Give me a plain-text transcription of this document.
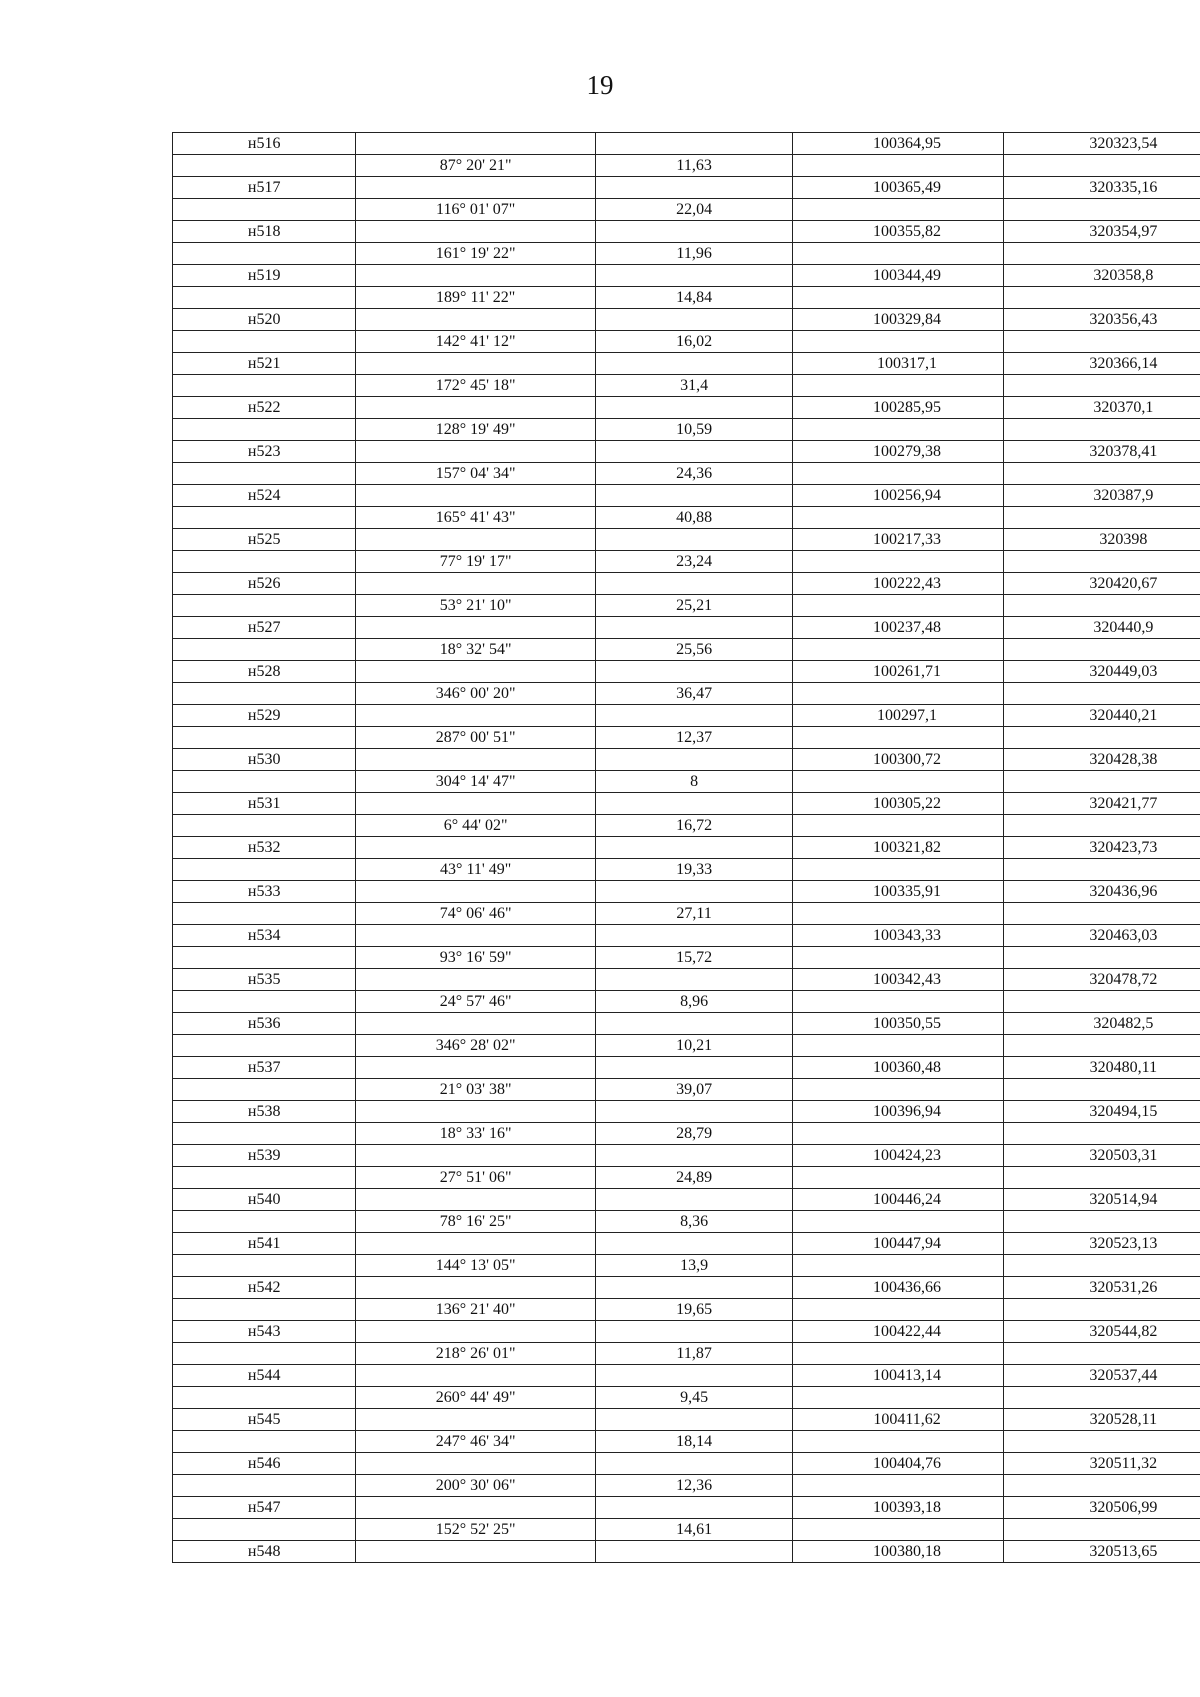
19
н516			100364,95	320323,54
	87° 20' 21"	11,63		
н517			100365,49	320335,16
	116° 01' 07"	22,04		
н518			100355,82	320354,97
	161° 19' 22"	11,96		
н519			100344,49	320358,8
	189° 11' 22"	14,84		
н520			100329,84	320356,43
	142° 41' 12"	16,02		
н521			100317,1	320366,14
	172° 45' 18"	31,4		
н522			100285,95	320370,1
	128° 19' 49"	10,59		
н523			100279,38	320378,41
	157° 04' 34"	24,36		
н524			100256,94	320387,9
	165° 41' 43"	40,88		
н525			100217,33	320398
	77° 19' 17"	23,24		
н526			100222,43	320420,67
	53° 21' 10"	25,21		
н527			100237,48	320440,9
	18° 32' 54"	25,56		
н528			100261,71	320449,03
	346° 00' 20"	36,47		
н529			100297,1	320440,21
	287° 00' 51"	12,37		
н530			100300,72	320428,38
	304° 14' 47"	8		
н531			100305,22	320421,77
	6° 44' 02"	16,72		
н532			100321,82	320423,73
	43° 11' 49"	19,33		
н533			100335,91	320436,96
	74° 06' 46"	27,11		
н534			100343,33	320463,03
	93° 16' 59"	15,72		
н535			100342,43	320478,72
	24° 57' 46"	8,96		
н536			100350,55	320482,5
	346° 28' 02"	10,21		
н537			100360,48	320480,11
	21° 03' 38"	39,07		
н538			100396,94	320494,15
	18° 33' 16"	28,79		
н539			100424,23	320503,31
	27° 51' 06"	24,89		
н540			100446,24	320514,94
	78° 16' 25"	8,36		
н541			100447,94	320523,13
	144° 13' 05"	13,9		
н542			100436,66	320531,26
	136° 21' 40"	19,65		
н543			100422,44	320544,82
	218° 26' 01"	11,87		
н544			100413,14	320537,44
	260° 44' 49"	9,45		
н545			100411,62	320528,11
	247° 46' 34"	18,14		
н546			100404,76	320511,32
	200° 30' 06"	12,36		
н547			100393,18	320506,99
	152° 52' 25"	14,61		
н548			100380,18	320513,65
